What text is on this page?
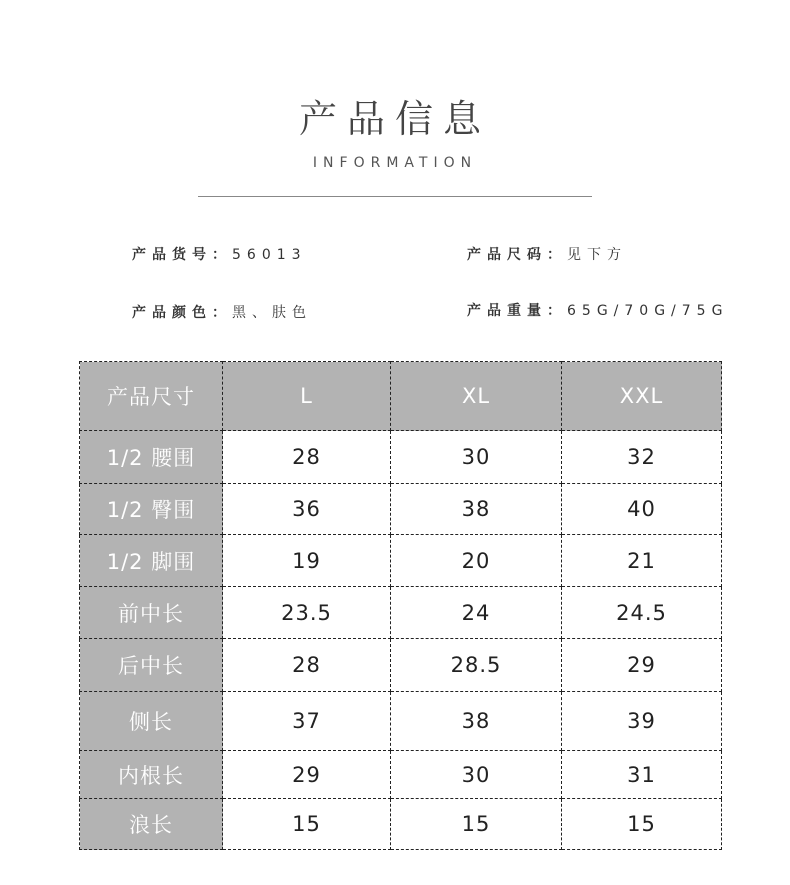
产品信息
INFORMATION
产品货号：56013	产品尺码：见下方
产品颜色：黑、肤色	产品重量：65G/70G/75G
产品尺寸	L	XL	XXL
1/2 腰围	28	30	32
1/2 臀围	36	38	40
1/2 脚围	19	20	21
前中长	23.5	24	24.5
后中长	28	28.5	29
侧长	37	38	39
内根长	29	30	31
浪长	15	15	15
